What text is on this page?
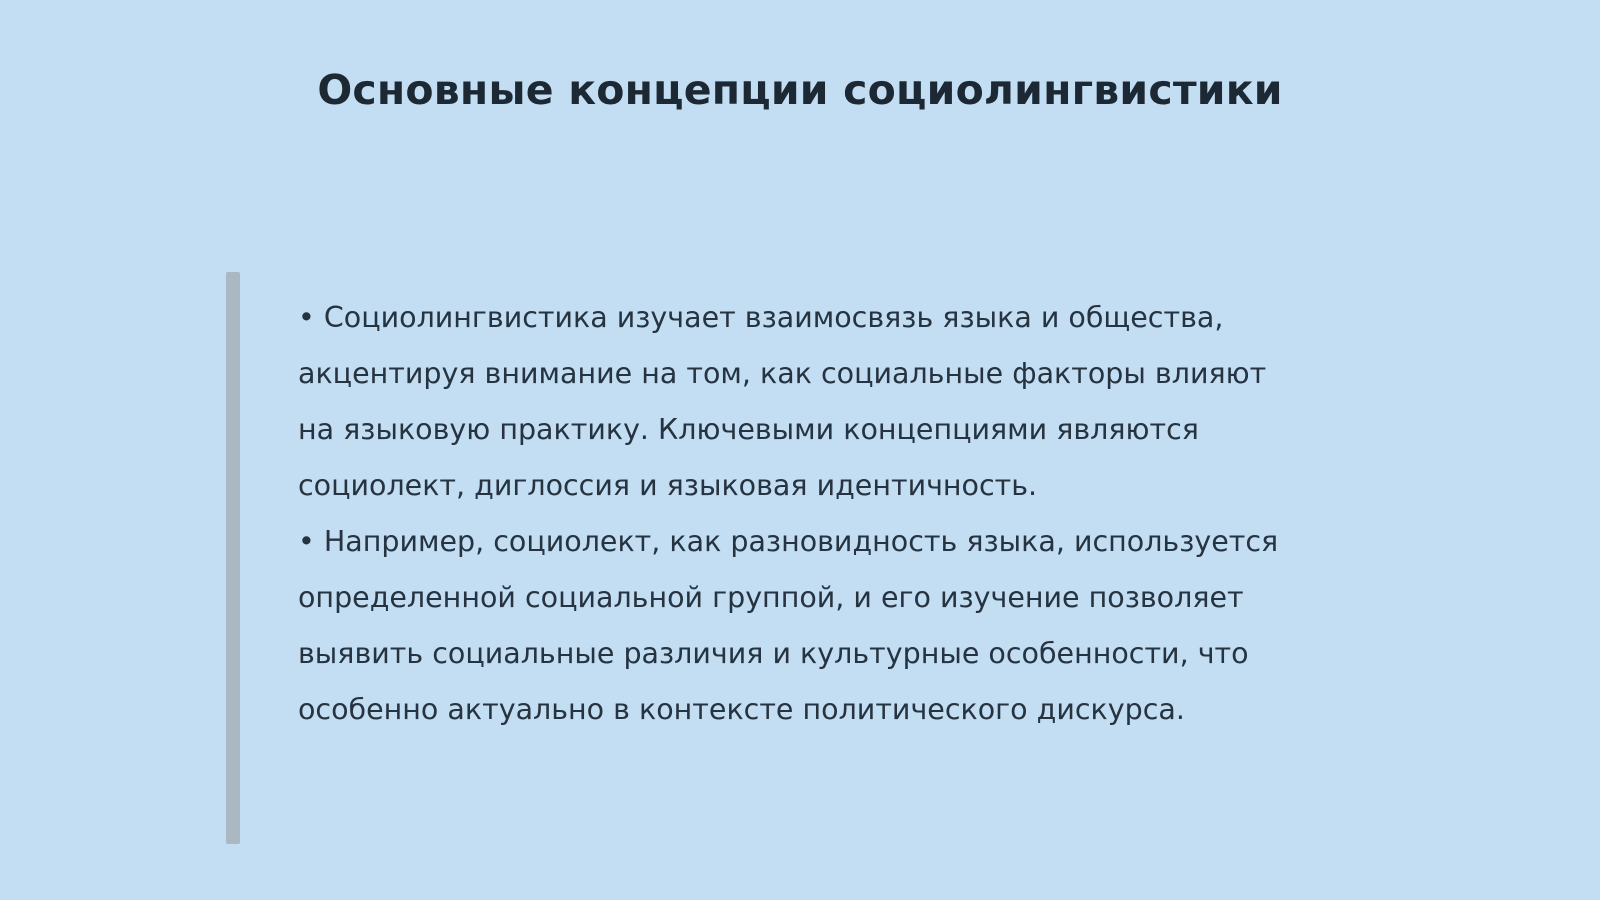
Основные концепции социолингвистики

• Социолингвистика изучает взаимосвязь языка и общества, акцентируя внимание на том, как социальные факторы влияют на языковую практику. Ключевыми концепциями являются социолект, диглоссия и языковая идентичность.

• Например, социолект, как разновидность языка, используется определенной социальной группой, и его изучение позволяет выявить социальные различия и культурные особенности, что особенно актуально в контексте политического дискурса.
